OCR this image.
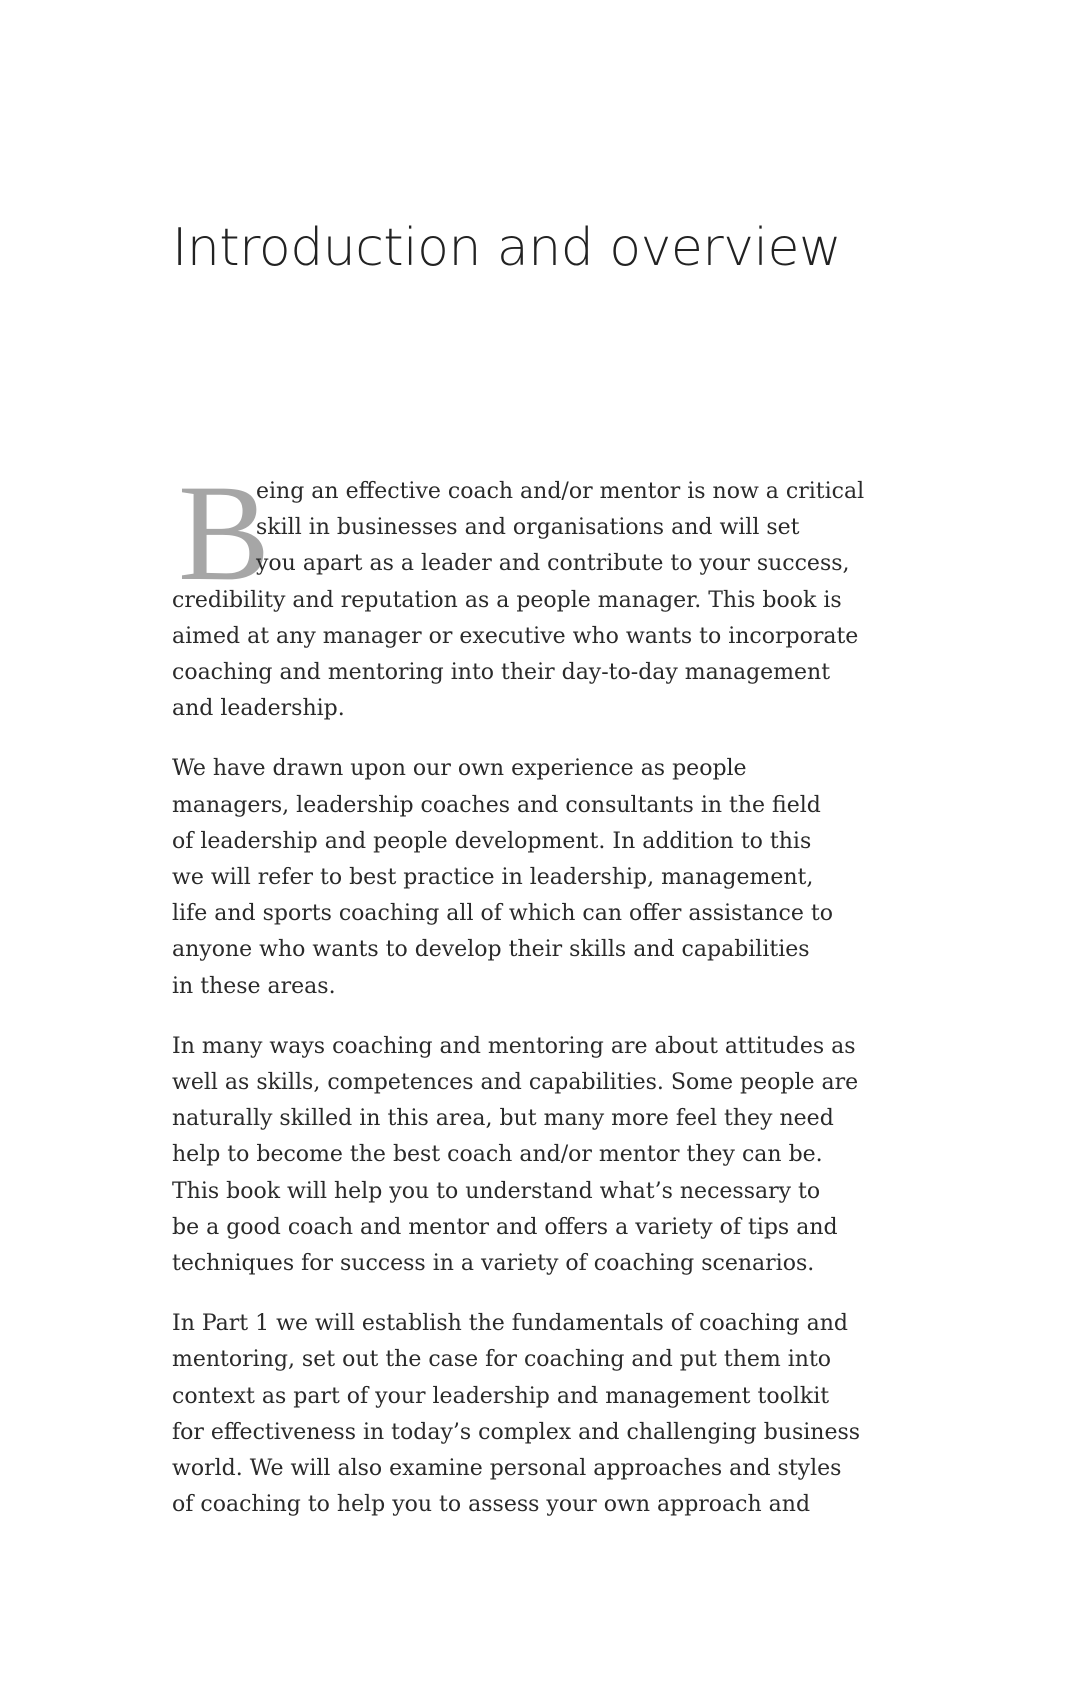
Introduction and overview
B
eing an effective coach and/or mentor is now a critical
skill in businesses and organisations and will set
you apart as a leader and contribute to your success,
credibility and reputation as a people manager. This book is
aimed at any manager or executive who wants to incorporate
coaching and mentoring into their day-to-day management
and leadership.
We have drawn upon our own experience as people
managers, leadership coaches and consultants in the field
of leadership and people development. In addition to this
we will refer to best practice in leadership, management,
life and sports coaching all of which can offer assistance to
anyone who wants to develop their skills and capabilities
in these areas.
In many ways coaching and mentoring are about attitudes as
well as skills, competences and capabilities. Some people are
naturally skilled in this area, but many more feel they need
help to become the best coach and/or mentor they can be.
This book will help you to understand what’s necessary to
be a good coach and mentor and offers a variety of tips and
techniques for success in a variety of coaching scenarios.
In Part 1 we will establish the fundamentals of coaching and
mentoring, set out the case for coaching and put them into
context as part of your leadership and management toolkit
for effectiveness in today’s complex and challenging business
world. We will also examine personal approaches and styles
of coaching to help you to assess your own approach and
